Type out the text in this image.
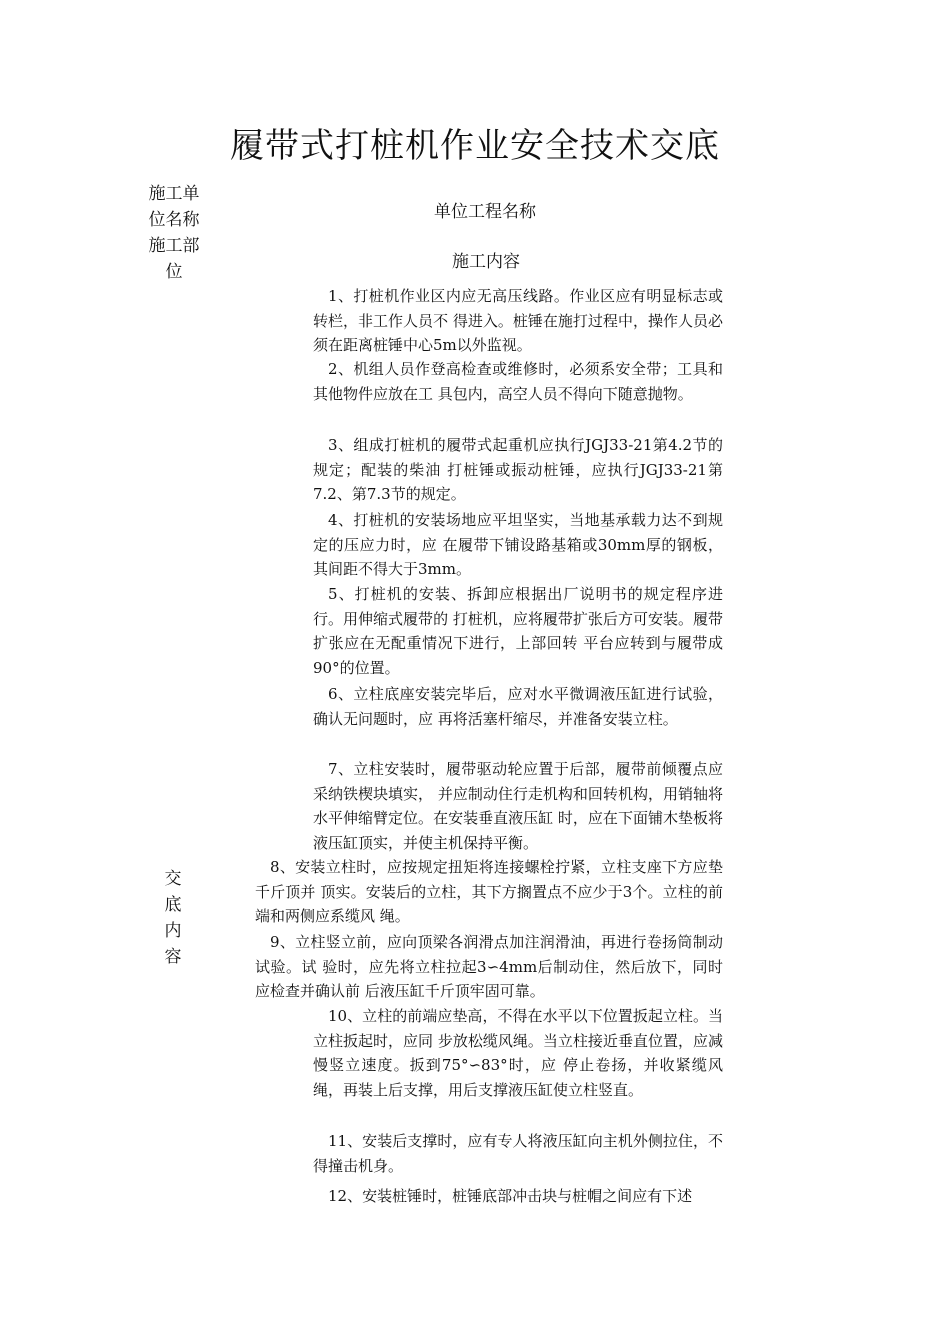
履带式打桩机作业安全技术交底
施工单
位名称
施工部
位
交
底
内
容
单位工程名称
施工内容

1、打桩机作业区内应无高压线路。作业区应有明显标志或转栏，非工作人员不 得进入。桩锤在施打过程中，操作人员必须在距离桩锤中心5m以外监视。

2、机组人员作登高检查或维修时，必须系安全带；工具和其他物件应放在工 具包内，高空人员不得向下随意抛物。

3、组成打桩机的履带式起重机应执行JGJ33-21第4.2节的规定；配装的柴油 打桩锤或振动桩锤，应执行JGJ33-21第7.2、第7.3节的规定。

4、打桩机的安装场地应平坦坚实，当地基承载力达不到规定的压应力时，应 在履带下铺设路基箱或30mm厚的钢板，其间距不得大于3mm。

5、打桩机的安装、拆卸应根据出厂说明书的规定程序进行。用伸缩式履带的 打桩机，应将履带扩张后方可安装。履带扩张应在无配重情况下进行，上部回转 平台应转到与履带成90°的位置。

6、立柱底座安装完毕后，应对水平微调液压缸进行试验，确认无问题时，应 再将活塞杆缩尽，并准备安装立柱。

7、立柱安装时，履带驱动轮应置于后部，履带前倾覆点应采纳铁楔块填实， 并应制动住行走机构和回转机构，用销轴将水平伸缩臂定位。在安装垂直液压缸 时，应在下面铺木垫板将液压缸顶实，并使主机保持平衡。

8、安装立柱时，应按规定扭矩将连接螺栓拧紧，立柱支座下方应垫千斤顶并 顶实。安装后的立柱，其下方搁置点不应少于3个。立柱的前端和两侧应系缆风 绳。

9、立柱竖立前，应向顶梁各润滑点加注润滑油，再进行卷扬筒制动试验。试 验时，应先将立柱拉起3∽4mm后制动住，然后放下，同时应检查并确认前 后液压缸千斤顶牢固可靠。

10、立柱的前端应垫高，不得在水平以下位置扳起立柱。当立柱扳起时，应同 步放松缆风绳。当立柱接近垂直位置，应减慢竖立速度。扳到75°∽83°时，应 停止卷扬，并收紧缆风绳，再装上后支撑，用后支撑液压缸使立柱竖直。

11、安装后支撑时，应有专人将液压缸向主机外侧拉住，不得撞击机身。

12、安装桩锤时，桩锤底部冲击块与桩帽之间应有下述
